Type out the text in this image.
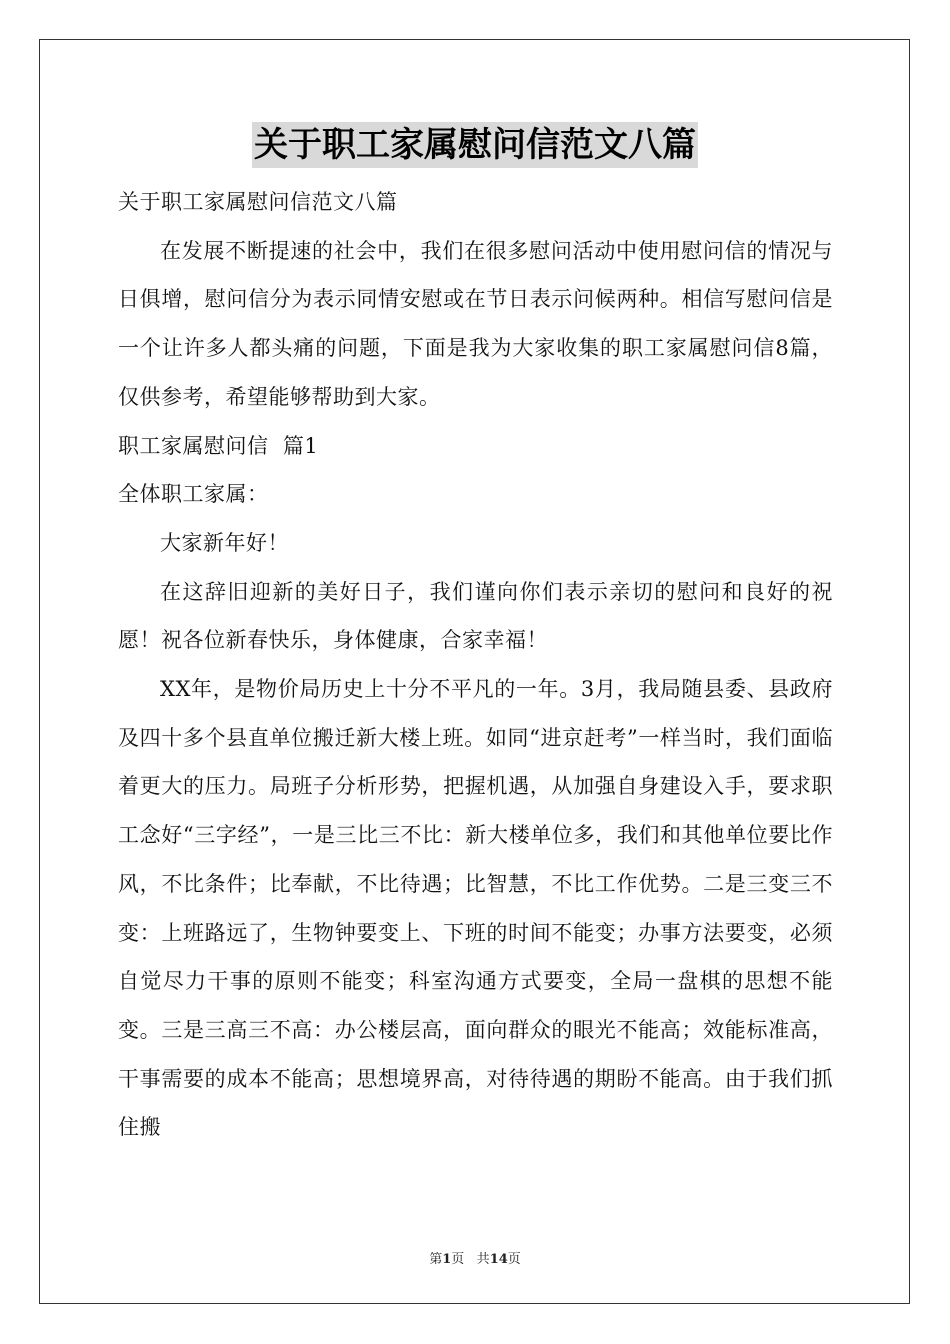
关于职工家属慰问信范文八篇

关于职工家属慰问信范文八篇

在发展不断提速的社会中，我们在很多慰问活动中使用慰问信的情况与日俱增，慰问信分为表示同情安慰或在节日表示问候两种。相信写慰问信是一个让许多人都头痛的问题，下面是我为大家收集的职工家属慰问信8篇，仅供参考，希望能够帮助到大家。

职工家属慰问信  篇1

全体职工家属：

大家新年好！

在这辞旧迎新的美好日子，我们谨向你们表示亲切的慰问和良好的祝愿！祝各位新春快乐，身体健康，合家幸福！

XX年，是物价局历史上十分不平凡的一年。3月，我局随县委、县政府及四十多个县直单位搬迁新大楼上班。如同“进京赶考”一样当时，我们面临着更大的压力。局班子分析形势，把握机遇，从加强自身建设入手，要求职工念好“三字经”，一是三比三不比：新大楼单位多，我们和其他单位要比作风，不比条件；比奉献，不比待遇；比智慧，不比工作优势。二是三变三不变：上班路远了，生物钟要变上、下班的时间不能变；办事方法要变，必须自觉尽力干事的原则不能变；科室沟通方式要变，全局一盘棋的思想不能变。三是三高三不高：办公楼层高，面向群众的眼光不能高；效能标准高，干事需要的成本不能高；思想境界高，对待待遇的期盼不能高。由于我们抓住搬

第1页 共14页
